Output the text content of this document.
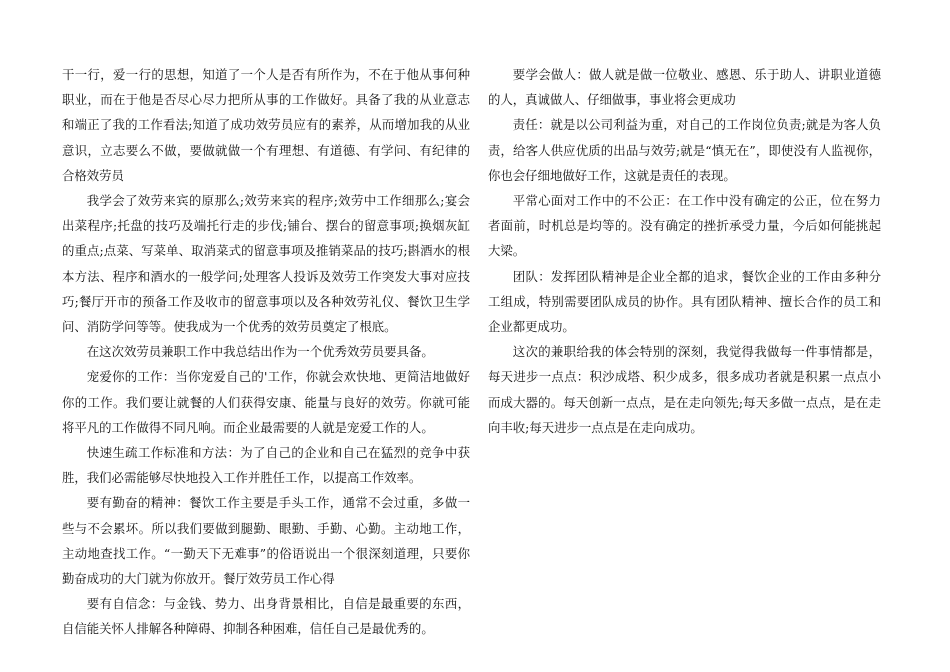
干一行，爱一行的思想，知道了一个人是否有所作为，不在于他从事何种职业，而在于他是否尽心尽力把所从事的工作做好。具备了我的从业意志和端正了我的工作看法;知道了成功效劳员应有的素养，从而增加我的从业意识，立志要么不做，要做就做一个有理想、有道德、有学问、有纪律的合格效劳员

我学会了效劳来宾的原那么;效劳来宾的程序;效劳中工作细那么;宴会出菜程序;托盘的技巧及端托行走的步伐;铺台、摆台的留意事项;换烟灰缸的重点;点菜、写菜单、取消菜式的留意事项及推销菜品的技巧;斟酒水的根本方法、程序和酒水的一般学问;处理客人投诉及效劳工作突发大事对应技巧;餐厅开市的预备工作及收市的留意事项以及各种效劳礼仪、餐饮卫生学问、消防学问等等。使我成为一个优秀的效劳员奠定了根底。

在这次效劳员兼职工作中我总结出作为一个优秀效劳员要具备。

宠爱你的工作：当你宠爱自己的'工作，你就会欢快地、更简洁地做好你的工作。我们要让就餐的人们获得安康、能量与良好的效劳。你就可能将平凡的工作做得不同凡响。而企业最需要的人就是宠爱工作的人。

快速生疏工作标准和方法：为了自己的企业和自己在猛烈的竞争中获胜，我们必需能够尽快地投入工作并胜任工作，以提高工作效率。

要有勤奋的精神：餐饮工作主要是手头工作，通常不会过重，多做一些与不会累坏。所以我们要做到腿勤、眼勤、手勤、心勤。主动地工作，主动地查找工作。“一勤天下无难事”的俗语说出一个很深刻道理，只要你勤奋成功的大门就为你放开。餐厅效劳员工作心得

要有自信念：与金钱、势力、出身背景相比，自信是最重要的东西，自信能关怀人排解各种障碍、抑制各种困难，信任自己是最优秀的。

要学会做人：做人就是做一位敬业、感恩、乐于助人、讲职业道德的人，真诚做人、仔细做事，事业将会更成功

责任：就是以公司利益为重，对自己的工作岗位负责;就是为客人负责，给客人供应优质的出品与效劳;就是“慎无在”，即使没有人监视你，你也会仔细地做好工作，这就是责任的表现。

平常心面对工作中的不公正：在工作中没有确定的公正，位在努力者面前，时机总是均等的。没有确定的挫折承受力量，今后如何能挑起大梁。

团队：发挥团队精神是企业全都的追求，餐饮企业的工作由多种分工组成，特别需要团队成员的协作。具有团队精神、擅长合作的员工和企业都更成功。

这次的兼职给我的体会特别的深刻，我觉得我做每一件事情都是，每天进步一点点：积沙成塔、积少成多，很多成功者就是积累一点点小而成大器的。每天创新一点点，是在走向领先;每天多做一点点，是在走向丰收;每天进步一点点是在走向成功。
